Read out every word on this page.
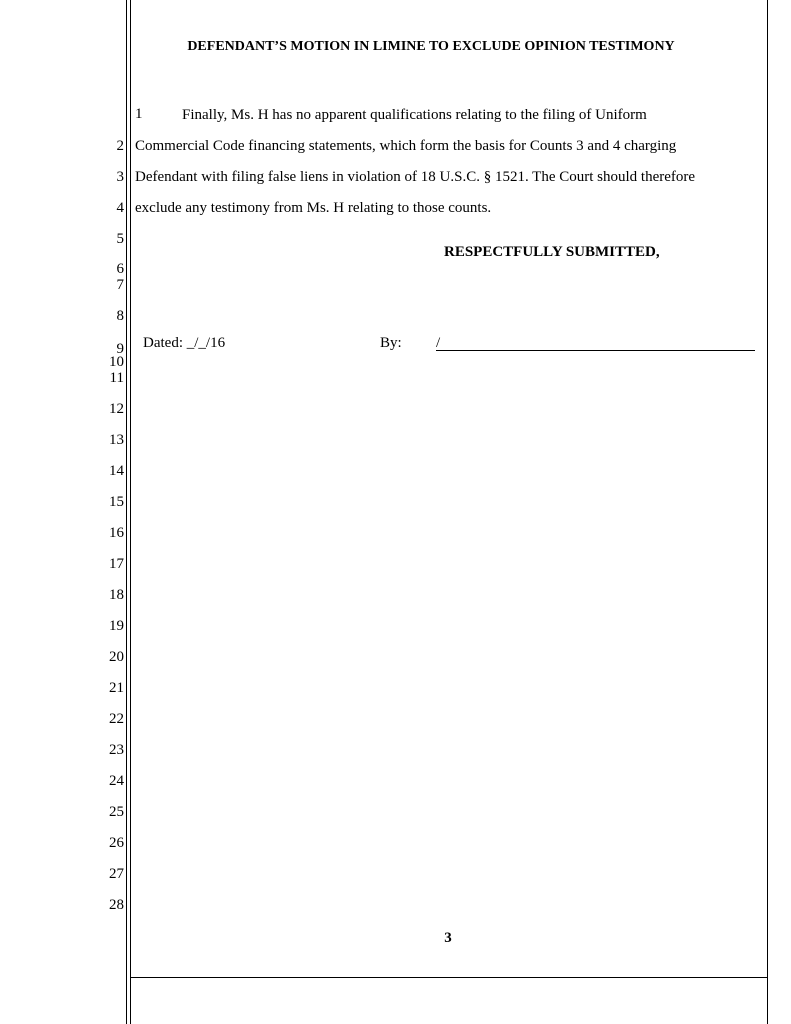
DEFENDANT’S MOTION IN LIMINE TO EXCLUDE OPINION TESTIMONY
2
3
4
5
6
7
8
9
10
11
12
13
14
15
16
17
18
19
20
21
22
23
24
25
26
27
28
1	Finally, Ms. H has no apparent qualifications relating to the filing of Uniform
Commercial Code financing statements, which form the basis for Counts 3 and 4 charging
Defendant with filing false liens in violation of 18 U.S.C. § 1521. The Court should therefore
exclude any testimony from Ms. H relating to those counts.
RESPECTFULLY SUBMITTED,
Dated: _/_/16	By: /
3
